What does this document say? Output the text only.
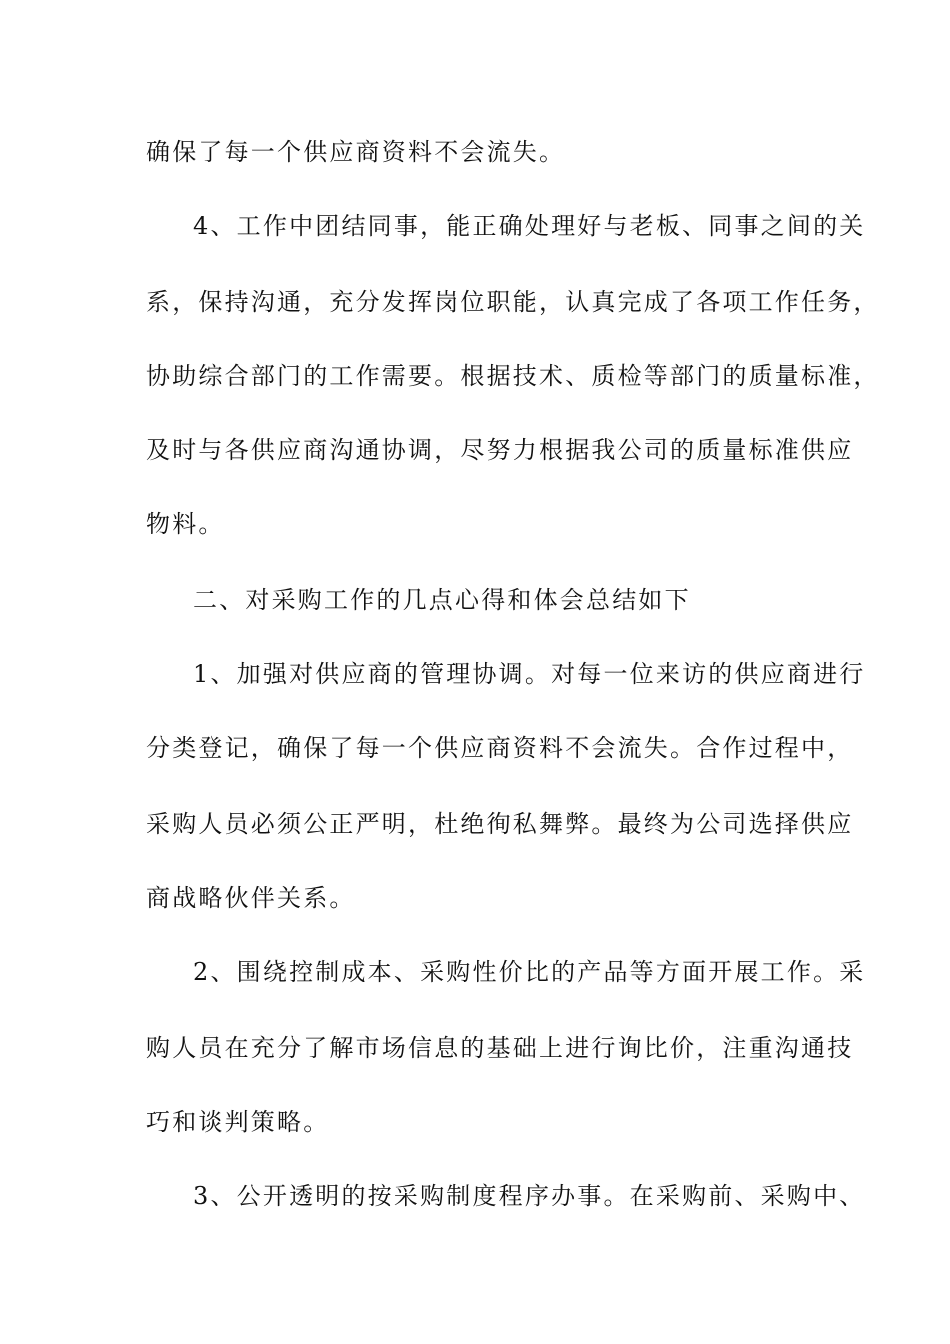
确保了每一个供应商资料不会流失。
4、工作中团结同事，能正确处理好与老板、同事之间的关
系，保持沟通，充分发挥岗位职能，认真完成了各项工作任务，
协助综合部门的工作需要。根据技术、质检等部门的质量标准，
及时与各供应商沟通协调，尽努力根据我公司的质量标准供应
物料。
二、对采购工作的几点心得和体会总结如下
1、加强对供应商的管理协调。对每一位来访的供应商进行
分类登记，确保了每一个供应商资料不会流失。合作过程中，
采购人员必须公正严明，杜绝徇私舞弊。最终为公司选择供应
商战略伙伴关系。
2、围绕控制成本、采购性价比的产品等方面开展工作。采
购人员在充分了解市场信息的基础上进行询比价，注重沟通技
巧和谈判策略。
3、公开透明的按采购制度程序办事。在采购前、采购中、
